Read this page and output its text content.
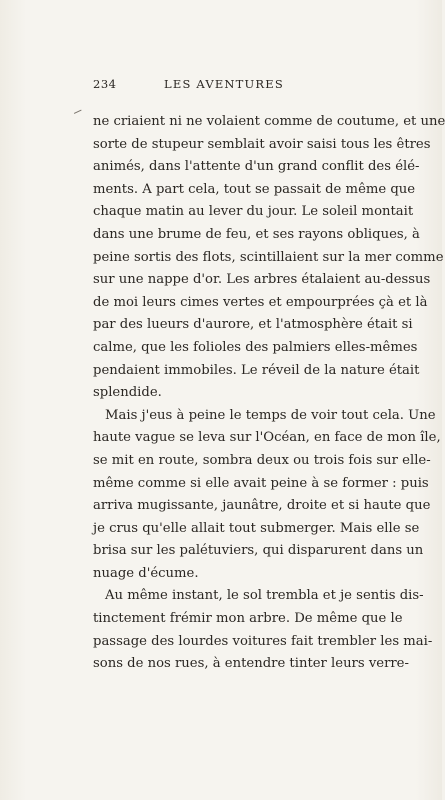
234	LES AVENTURES
ne criaient ni ne volaient comme de coutume, et une
sorte de stupeur semblait avoir saisi tous les êtres
animés, dans l'attente d'un grand conflit des élé-
ments. A part cela, tout se passait de même que
chaque matin au lever du jour. Le soleil montait
dans une brume de feu, et ses rayons obliques, à
peine sortis des flots, scintillaient sur la mer comme
sur une nappe d'or. Les arbres étalaient au-dessus
de moi leurs cimes vertes et empourprées çà et là
par des lueurs d'aurore, et l'atmosphère était si
calme, que les folioles des palmiers elles-mêmes
pendaient immobiles. Le réveil de la nature était
splendide.
Mais j'eus à peine le temps de voir tout cela. Une
haute vague se leva sur l'Océan, en face de mon île,
se mit en route, sombra deux ou trois fois sur elle-
même comme si elle avait peine à se former : puis
arriva mugissante, jaunâtre, droite et si haute que
je crus qu'elle allait tout submerger. Mais elle se
brisa sur les palétuviers, qui disparurent dans un
nuage d'écume.
Au même instant, le sol trembla et je sentis dis-
tinctement frémir mon arbre. De même que le
passage des lourdes voitures fait trembler les mai-
sons de nos rues, à entendre tinter leurs verre-
